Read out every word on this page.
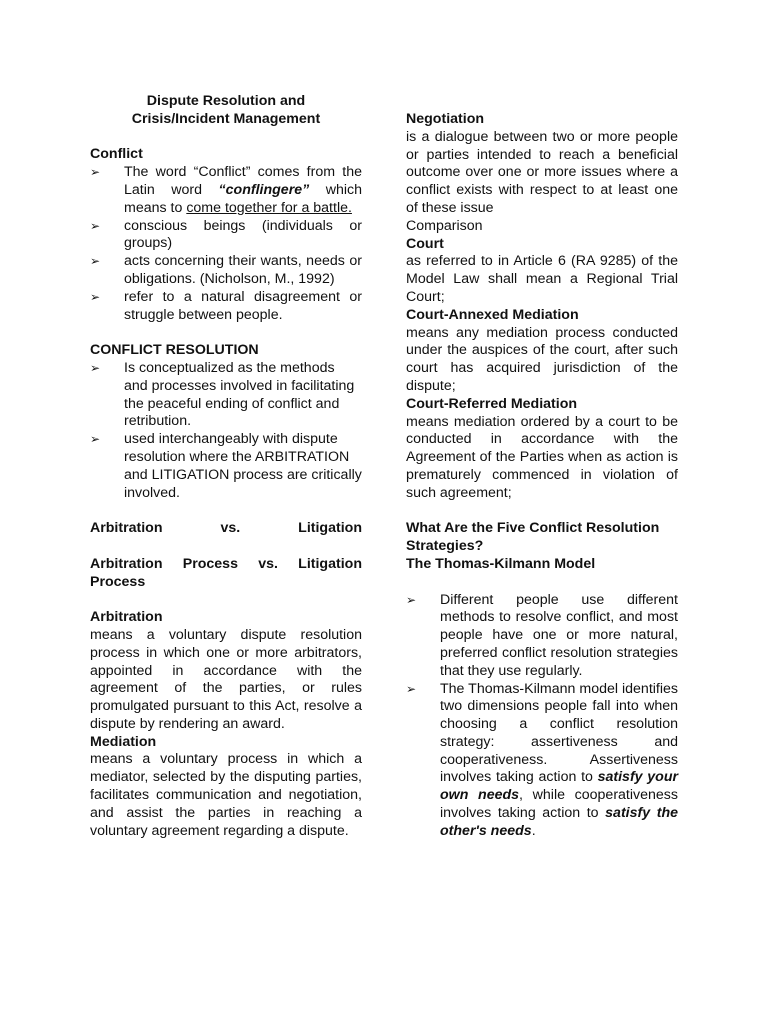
Dispute Resolution and

Crisis/Incident Management

Conflict

➢ The word “Conflict” comes from the Latin word “conflingere” which means to come together for a battle.
➢ conscious beings (individuals or groups)
➢ acts concerning their wants, needs or obligations. (Nicholson, M., 1992)
➢ refer to a natural disagreement or struggle between people.

CONFLICT RESOLUTION

➢ Is conceptualized as the methods and processes involved in facilitating the peaceful ending of conflict and retribution.
➢ used interchangeably with dispute resolution where the ARBITRATION and LITIGATION process are critically involved.
Arbitration	vs.	Litigation

Arbitration Process vs. Litigation Process

Arbitration

means a voluntary dispute resolution process in which one or more arbitrators, appointed in accordance with the agreement of the parties, or rules promulgated pursuant to this Act, resolve a dispute by rendering an award.

Mediation

means a voluntary process in which a mediator, selected by the disputing parties, facilitates communication and negotiation, and assist the parties in reaching a voluntary agreement regarding a dispute.

Negotiation

is a dialogue between two or more people or parties intended to reach a beneficial outcome over one or more issues where a conflict exists with respect to at least one of these issue

Comparison

Court

as referred to in Article 6 (RA 9285) of the Model Law shall mean a Regional Trial Court;

Court-Annexed Mediation

means any mediation process conducted under the auspices of the court, after such court has acquired jurisdiction of the dispute;

Court-Referred Mediation

means mediation ordered by a court to be conducted in accordance with the Agreement of the Parties when as action is prematurely commenced in violation of such agreement;

What Are the Five Conflict Resolution Strategies?

The Thomas-Kilmann Model

➢ Different people use different methods to resolve conflict, and most people have one or more natural, preferred conflict resolution strategies that they use regularly.
➢ The Thomas-Kilmann model identifies two dimensions people fall into when choosing a conflict resolution strategy: assertiveness and cooperativeness. Assertiveness involves taking action to satisfy your own needs, while cooperativeness involves taking action to satisfy the other's needs.
